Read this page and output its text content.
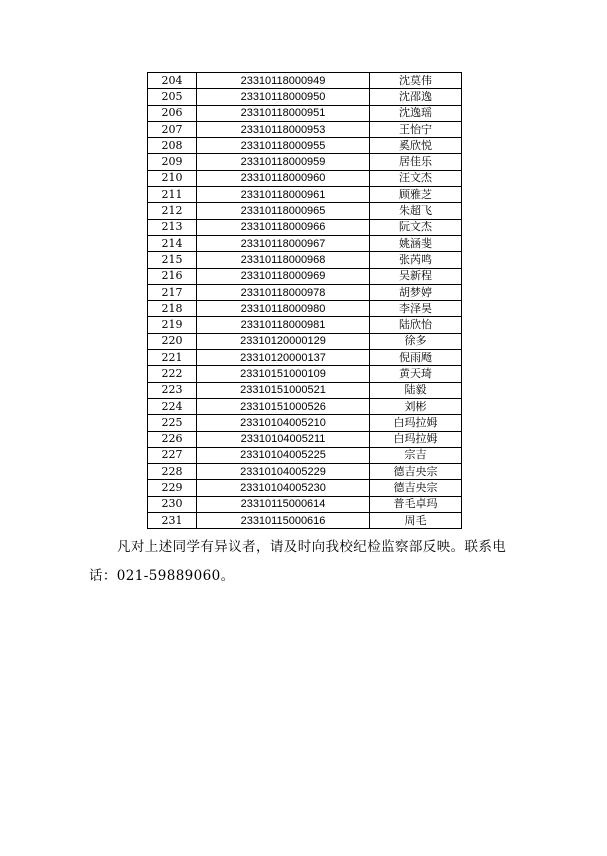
204	23310118000949	沈莫伟
205	23310118000950	沈邵逸
206	23310118000951	沈逸瑶
207	23310118000953	王怡宁
208	23310118000955	奚欣悦
209	23310118000959	居佳乐
210	23310118000960	汪文杰
211	23310118000961	顾雅芝
212	23310118000965	朱超飞
213	23310118000966	阮文杰
214	23310118000967	姚涵斐
215	23310118000968	张芮鸣
216	23310118000969	吴新程
217	23310118000978	胡梦婷
218	23310118000980	李泽昊
219	23310118000981	陆欣怡
220	23310120000129	徐多
221	23310120000137	倪雨飏
222	23310151000109	黄天琦
223	23310151000521	陆毅
224	23310151000526	刘彬
225	23310104005210	白玛拉姆
226	23310104005211	白玛拉姆
227	23310104005225	宗吉
228	23310104005229	德吉央宗
229	23310104005230	德吉央宗
230	23310115000614	普毛卓玛
231	23310115000616	周毛
凡对上述同学有异议者，请及时向我校纪检监察部反映。联系电
话：021-59889060。
